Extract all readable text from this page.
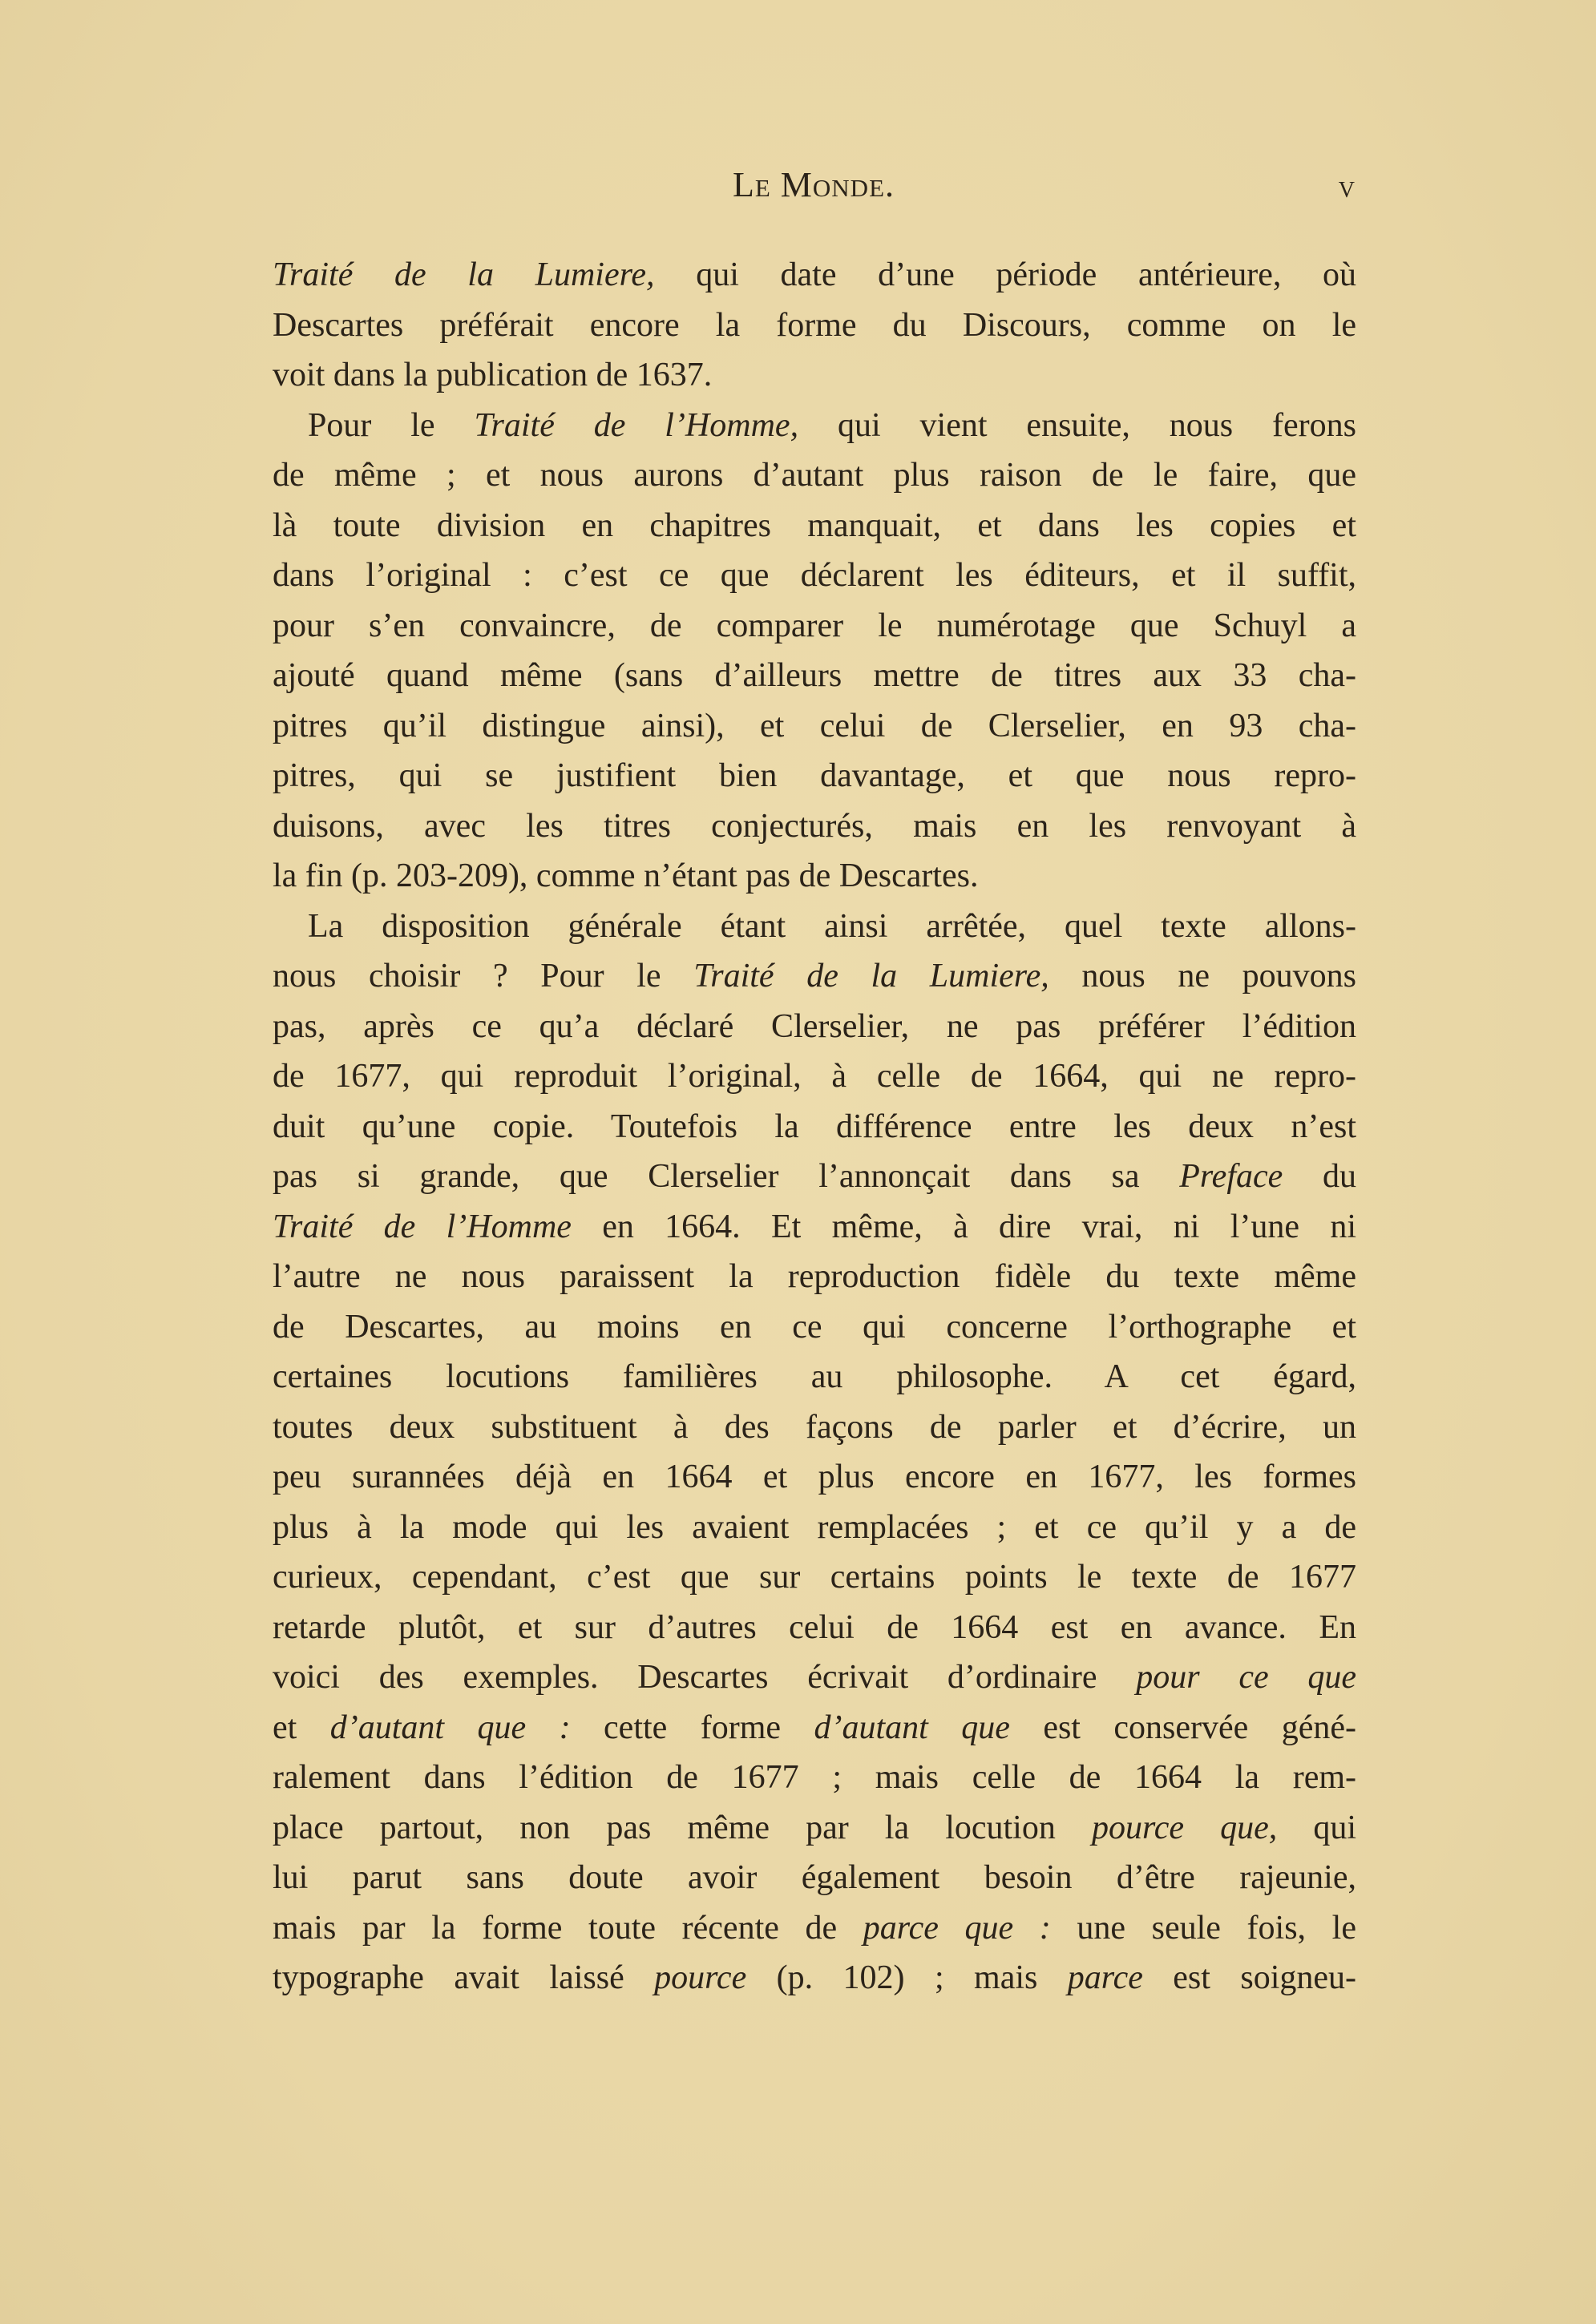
Le Monde.	v
Traité de la Lumiere, qui date d’une période antérieure, où
Descartes préférait encore la forme du Discours, comme on le
voit dans la publication de 1637.
Pour le Traité de l’Homme, qui vient ensuite, nous ferons
de même ; et nous aurons d’autant plus raison de le faire, que
là toute division en chapitres manquait, et dans les copies et
dans l’original : c’est ce que déclarent les éditeurs, et il suffit,
pour s’en convaincre, de comparer le numérotage que Schuyl a
ajouté quand même (sans d’ailleurs mettre de titres aux 33 cha-
pitres qu’il distingue ainsi), et celui de Clerselier, en 93 cha-
pitres, qui se justifient bien davantage, et que nous repro-
duisons, avec les titres conjecturés, mais en les renvoyant à
la fin (p. 203-209), comme n’étant pas de Descartes.
La disposition générale étant ainsi arrêtée, quel texte allons-
nous choisir ? Pour le Traité de la Lumiere, nous ne pouvons
pas, après ce qu’a déclaré Clerselier, ne pas préférer l’édition
de 1677, qui reproduit l’original, à celle de 1664, qui ne repro-
duit qu’une copie. Toutefois la différence entre les deux n’est
pas si grande, que Clerselier l’annonçait dans sa Preface du
Traité de l’Homme en 1664. Et même, à dire vrai, ni l’une ni
l’autre ne nous paraissent la reproduction fidèle du texte même
de Descartes, au moins en ce qui concerne l’orthographe et
certaines locutions familières au philosophe. A cet égard,
toutes deux substituent à des façons de parler et d’écrire, un
peu surannées déjà en 1664 et plus encore en 1677, les formes
plus à la mode qui les avaient remplacées ; et ce qu’il y a de
curieux, cependant, c’est que sur certains points le texte de 1677
retarde plutôt, et sur d’autres celui de 1664 est en avance. En
voici des exemples. Descartes écrivait d’ordinaire pour ce que
et d’autant que : cette forme d’autant que est conservée géné-
ralement dans l’édition de 1677 ; mais celle de 1664 la rem-
place partout, non pas même par la locution pource que, qui
lui parut sans doute avoir également besoin d’être rajeunie,
mais par la forme toute récente de parce que : une seule fois, le
typographe avait laissé pource (p. 102) ; mais parce est soigneu-
